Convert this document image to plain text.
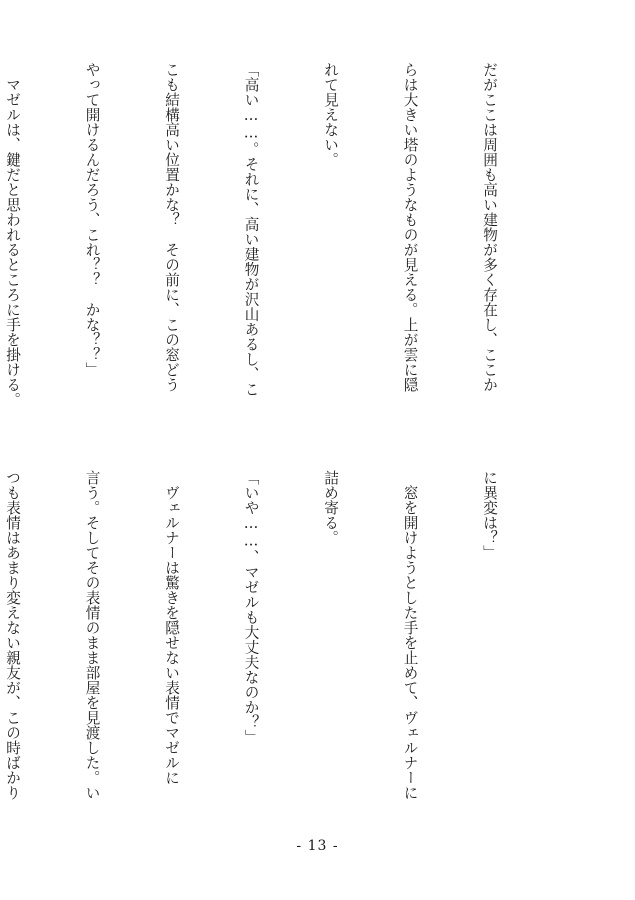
だがここは周囲も高い建物が多く存在し、ここか

らは大きい塔のようなものが見える。上が雲に隠

れて見えない。

「高い……。それに、高い建物が沢山あるし、こ

こも結構高い位置かな？　その前に、この窓どう

やって開けるんだろう、これ？？　かな？？」

　マゼルは、鍵だと思われるところに手を掛ける。

に異変は？」

　窓を開けようとした手を止めて、ヴェルナーに

詰め寄る。

「いや……、マゼルも大丈夫なのか？」

　ヴェルナーは驚きを隠せない表情でマゼルに

言う。そしてその表情のまま部屋を見渡した。い

つも表情はあまり変えない親友が、この時ばかり

- 13 -
